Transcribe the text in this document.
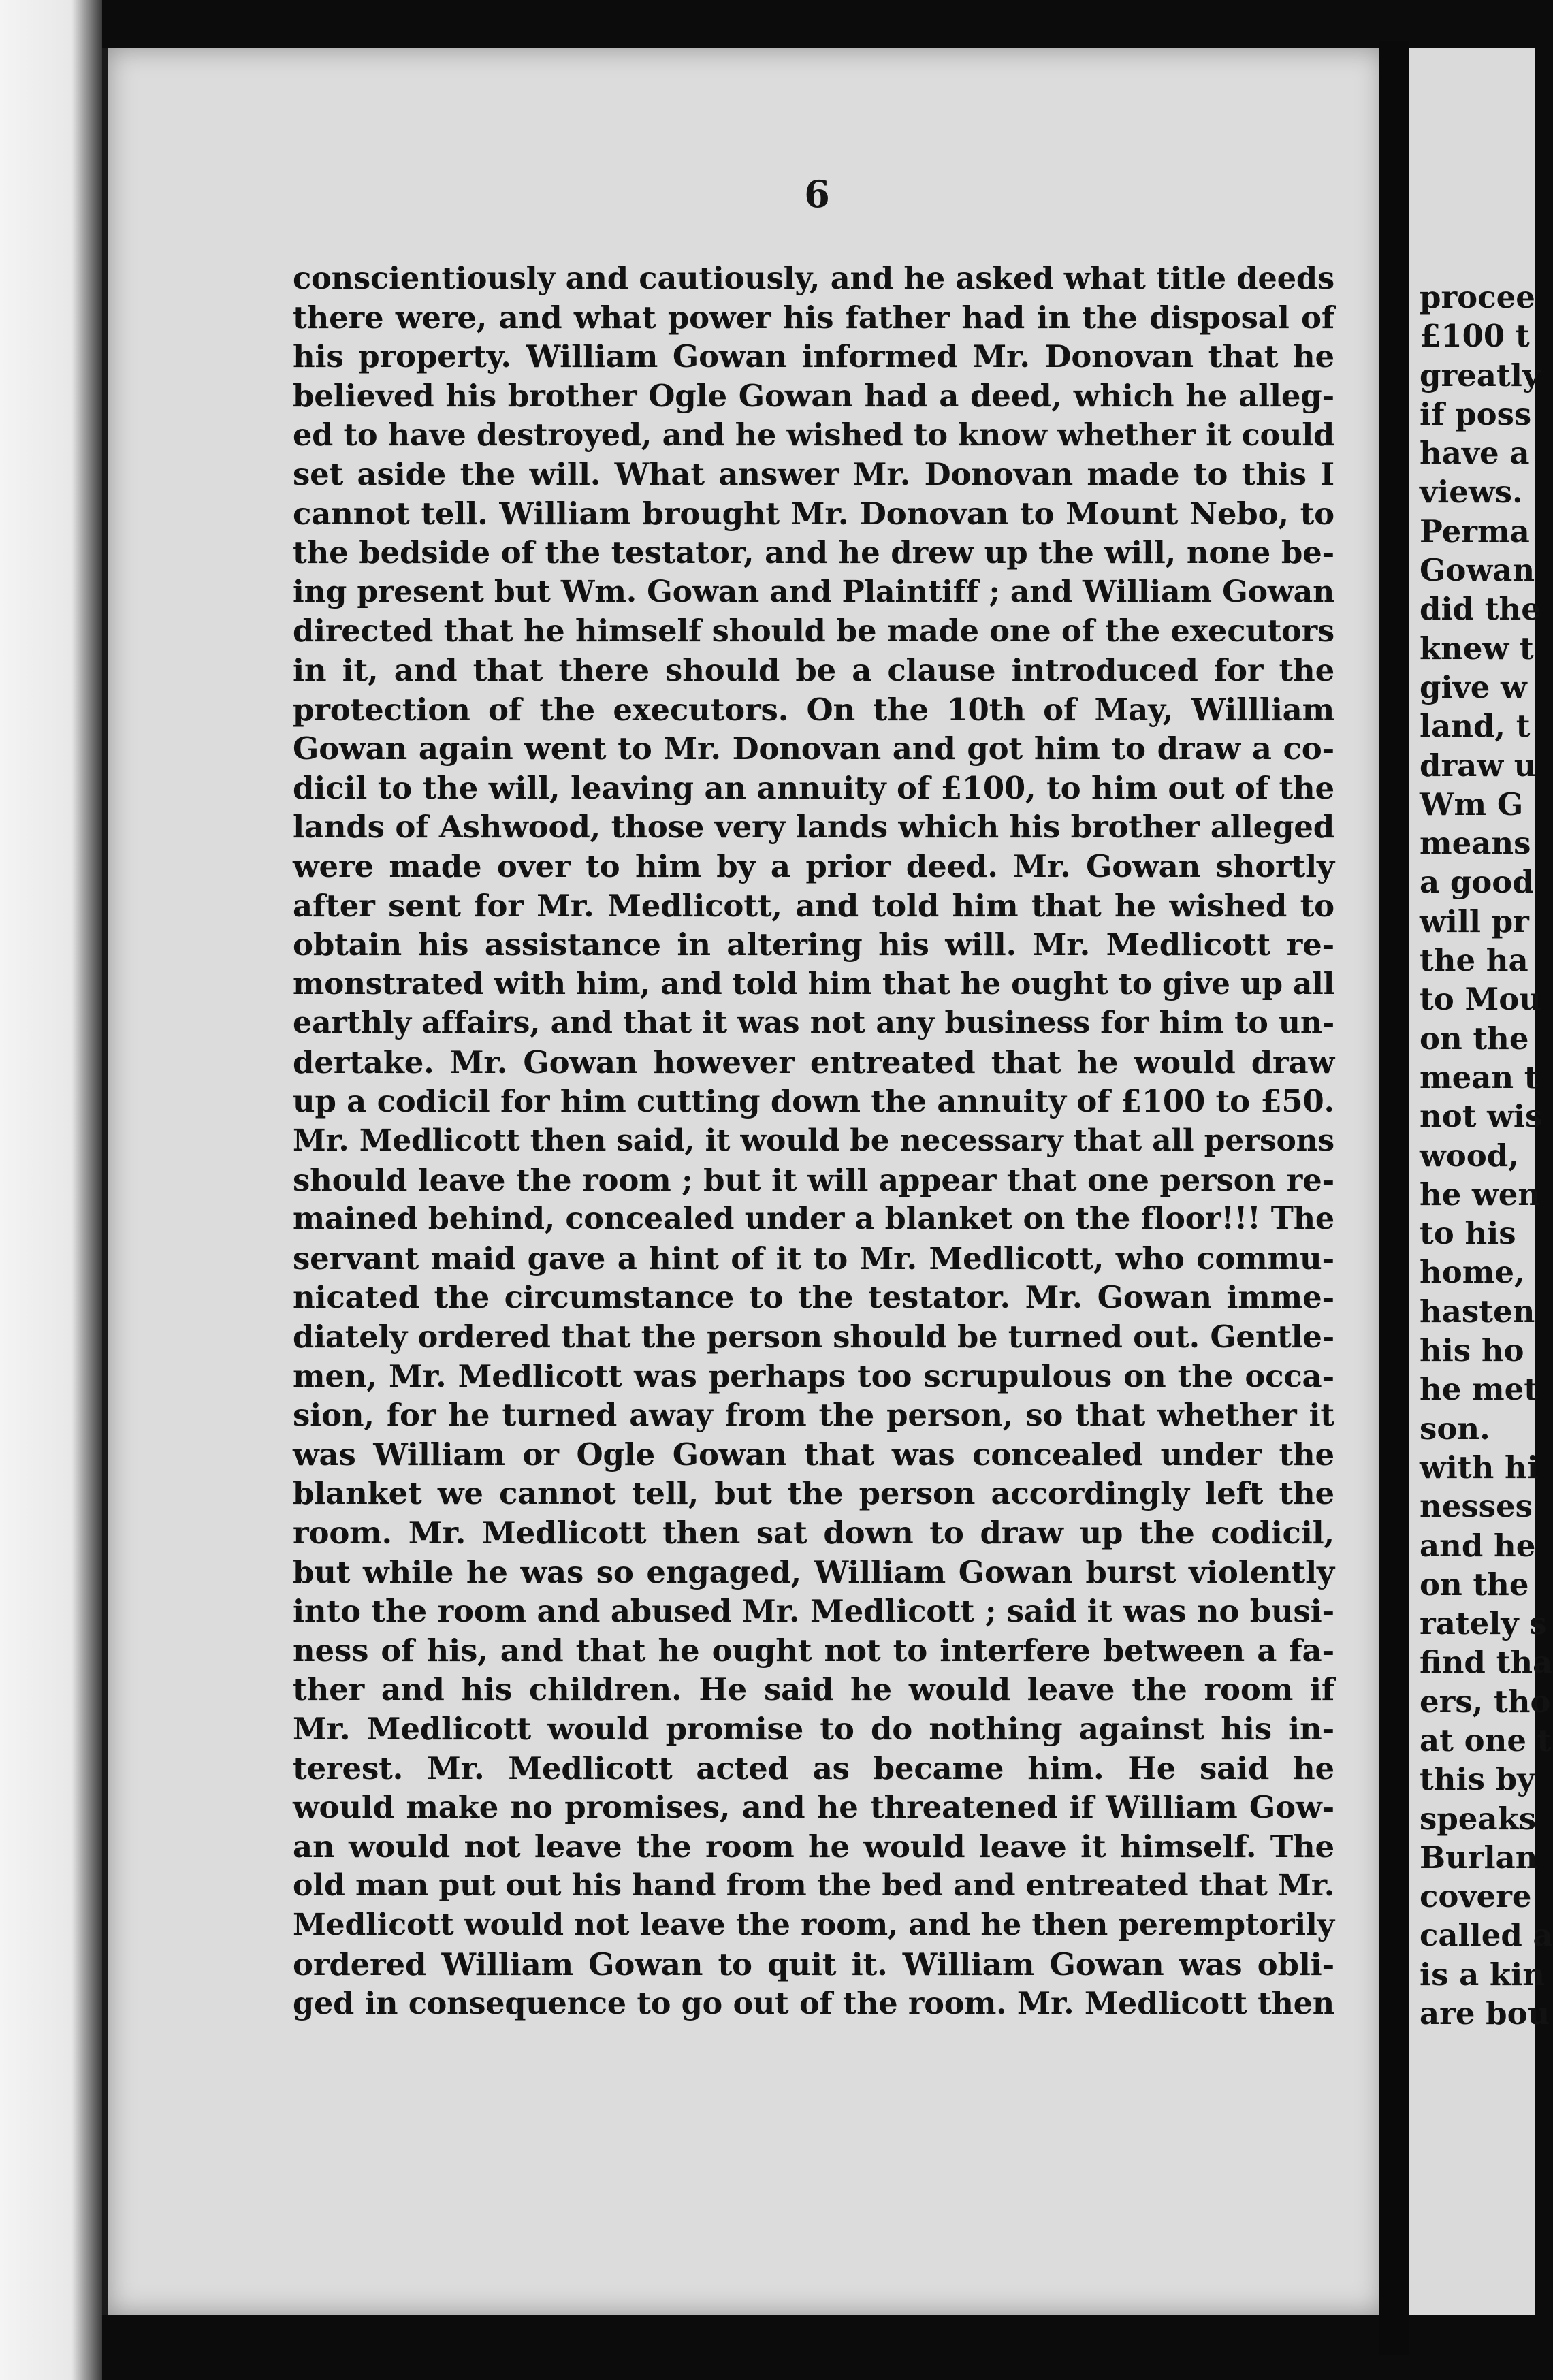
6
conscientiously and cautiously, and he asked what title deeds
there were, and what power his father had in the disposal of
his property. William Gowan informed Mr. Donovan that he
believed his brother Ogle Gowan had a deed, which he alleg-
ed to have destroyed, and he wished to know whether it could
set aside the will. What answer Mr. Donovan made to this I
cannot tell. William brought Mr. Donovan to Mount Nebo, to
the bedside of the testator, and he drew up the will, none be-
ing present but Wm. Gowan and Plaintiff ; and William Gowan
directed that he himself should be made one of the executors
in it, and that there should be a clause introduced for the
protection of the executors. On the 10th of May, Willliam
Gowan again went to Mr. Donovan and got him to draw a co-
dicil to the will, leaving an annuity of £100, to him out of the
lands of Ashwood, those very lands which his brother alleged
were made over to him by a prior deed. Mr. Gowan shortly
after sent for Mr. Medlicott, and told him that he wished to
obtain his assistance in altering his will. Mr. Medlicott re-
monstrated with him, and told him that he ought to give up all
earthly affairs, and that it was not any business for him to un-
dertake. Mr. Gowan however entreated that he would draw
up a codicil for him cutting down the annuity of £100 to £50.
Mr. Medlicott then said, it would be necessary that all persons
should leave the room ; but it will appear that one person re-
mained behind, concealed under a blanket on the floor!!! The
servant maid gave a hint of it to Mr. Medlicott, who commu-
nicated the circumstance to the testator. Mr. Gowan imme-
diately ordered that the person should be turned out. Gentle-
men, Mr. Medlicott was perhaps too scrupulous on the occa-
sion, for he turned away from the person, so that whether it
was William or Ogle Gowan that was concealed under the
blanket we cannot tell, but the person accordingly left the
room. Mr. Medlicott then sat down to draw up the codicil,
but while he was so engaged, William Gowan burst violently
into the room and abused Mr. Medlicott ; said it was no busi-
ness of his, and that he ought not to interfere between a fa-
ther and his children. He said he would leave the room if
Mr. Medlicott would promise to do nothing against his in-
terest. Mr. Medlicott acted as became him. He said he
would make no promises, and he threatened if William Gow-
an would not leave the room he would leave it himself. The
old man put out his hand from the bed and entreated that Mr.
Medlicott would not leave the room, and he then peremptorily
ordered William Gowan to quit it. William Gowan was obli-
ged in consequence to go out of the room. Mr. Medlicott then
procee
£100 t
greatly
if poss
have a
views.
Perma
Gowan
did the
knew t
give w
land, t
draw u
Wm G
means
a good
will pr
the ha
to Mou
on the
mean t
not wis
wood,
he wen
to his
home,
hasten
his ho
he met
son.
with hi
nesses
and he
on the
rately s
find tha
ers, tho
at one t
this by
speaks
Burlan
covere
called a
is a kin
are bou
